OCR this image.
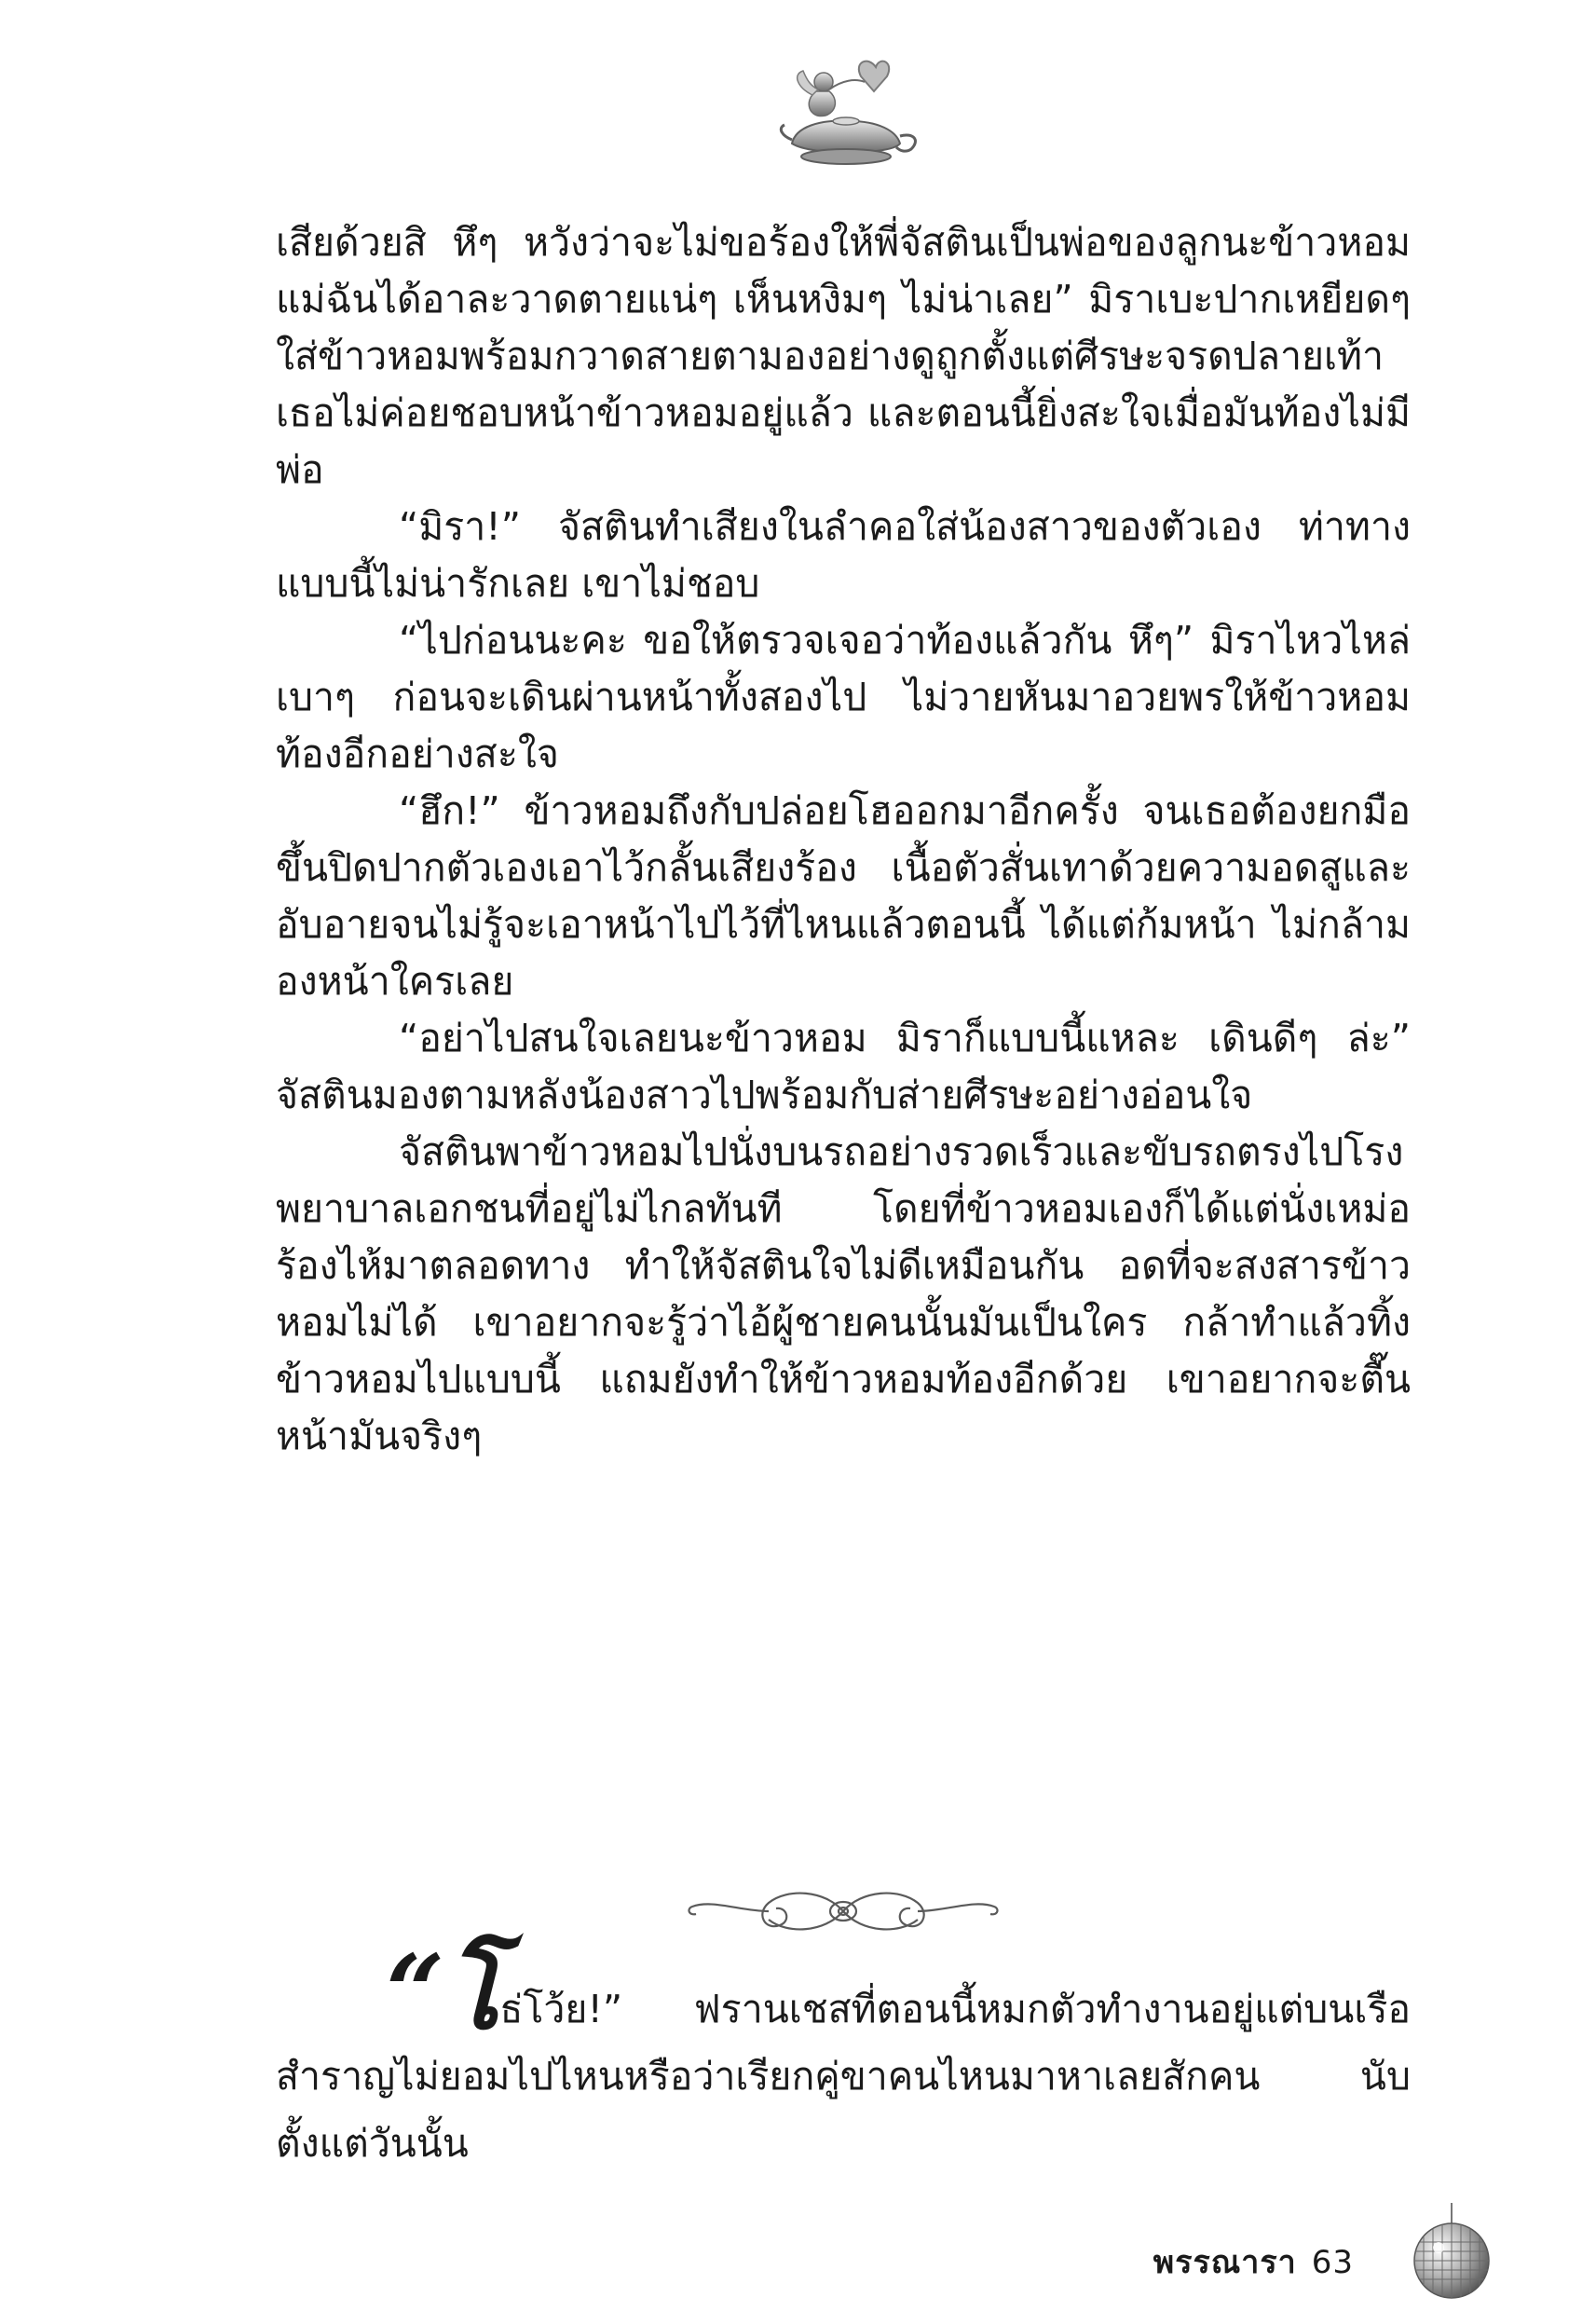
เสียด้วยสิ หึๆ หวังว่าจะไม่ขอร้องให้พี่จัสตินเป็นพ่อของลูกนะข้าวหอม แม่ฉันได้อาละวาดตายแน่ๆ เห็นหงิมๆ ไม่น่าเลย” มิราเบะปากเหยียดๆ ใส่ข้าวหอมพร้อมกวาดสายตามองอย่างดูถูกตั้งแต่ศีรษะจรดปลายเท้า เธอไม่ค่อยชอบหน้าข้าวหอมอยู่แล้ว และตอนนี้ยิ่งสะใจเมื่อมันท้องไม่มีพ่อ

“มิรา!” จัสตินทำเสียงในลำคอใส่น้องสาวของตัวเอง ท่าทางแบบนี้ไม่น่ารักเลย เขาไม่ชอบ

“ไปก่อนนะคะ ขอให้ตรวจเจอว่าท้องแล้วกัน หึๆ” มิราไหวไหล่เบาๆ ก่อนจะเดินผ่านหน้าทั้งสองไป ไม่วายหันมาอวยพรให้ข้าวหอมท้องอีกอย่างสะใจ

“ฮึก!” ข้าวหอมถึงกับปล่อยโฮออกมาอีกครั้ง จนเธอต้องยกมือขึ้นปิดปากตัวเองเอาไว้กลั้นเสียงร้อง เนื้อตัวสั่นเทาด้วยความอดสูและอับอายจนไม่รู้จะเอาหน้าไปไว้ที่ไหนแล้วตอนนี้ ได้แต่ก้มหน้า ไม่กล้ามองหน้าใครเลย

“อย่าไปสนใจเลยนะข้าวหอม มิราก็แบบนี้แหละ เดินดีๆ ล่ะ” จัสตินมองตามหลังน้องสาวไปพร้อมกับส่ายศีรษะอย่างอ่อนใจ

จัสตินพาข้าวหอมไปนั่งบนรถอย่างรวดเร็วและขับรถตรงไปโรงพยาบาลเอกชนที่อยู่ไม่ไกลทันที โดยที่ข้าวหอมเองก็ได้แต่นั่งเหม่อร้องไห้มาตลอดทาง ทำให้จัสตินใจไม่ดีเหมือนกัน อดที่จะสงสารข้าวหอมไม่ได้ เขาอยากจะรู้ว่าไอ้ผู้ชายคนนั้นมันเป็นใคร กล้าทำแล้วทิ้งข้าวหอมไปแบบนี้ แถมยังทำให้ข้าวหอมท้องอีกด้วย เขาอยากจะตื๊นหน้ามันจริงๆ

“โธ่โว้ย!” ฟรานเชสที่ตอนนี้หมกตัวทำงานอยู่แต่บนเรือสำราญไม่ยอมไปไหนหรือว่าเรียกคู่ขาคนไหนมาหาเลยสักคน นับตั้งแต่วันนั้น

พรรณารา 63
